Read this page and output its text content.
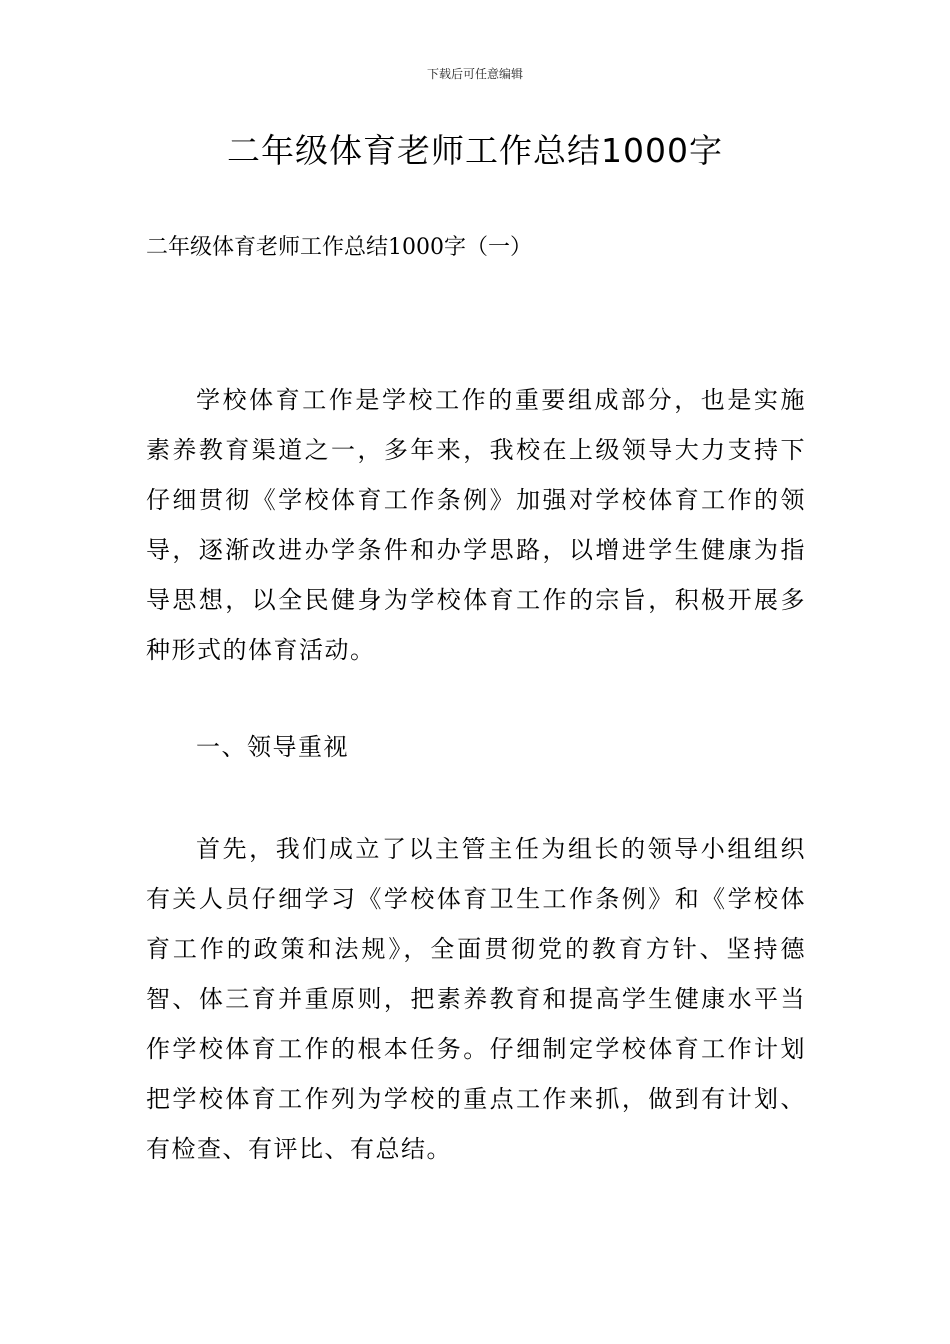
下载后可任意编辑
二年级体育老师工作总结1000字

二年级体育老师工作总结1000字（一）

学校体育工作是学校工作的重要组成部分，也是实施素养教育渠道之一，多年来，我校在上级领导大力支持下仔细贯彻《学校体育工作条例》加强对学校体育工作的领导，逐渐改进办学条件和办学思路，以增进学生健康为指导思想，以全民健身为学校体育工作的宗旨，积极开展多种形式的体育活动。

一、领导重视

首先，我们成立了以主管主任为组长的领导小组组织有关人员仔细学习《学校体育卫生工作条例》和《学校体育工作的政策和法规》，全面贯彻党的教育方针、坚持德智、体三育并重原则，把素养教育和提高学生健康水平当作学校体育工作的根本任务。仔细制定学校体育工作计划把学校体育工作列为学校的重点工作来抓，做到有计划、有检查、有评比、有总结。
